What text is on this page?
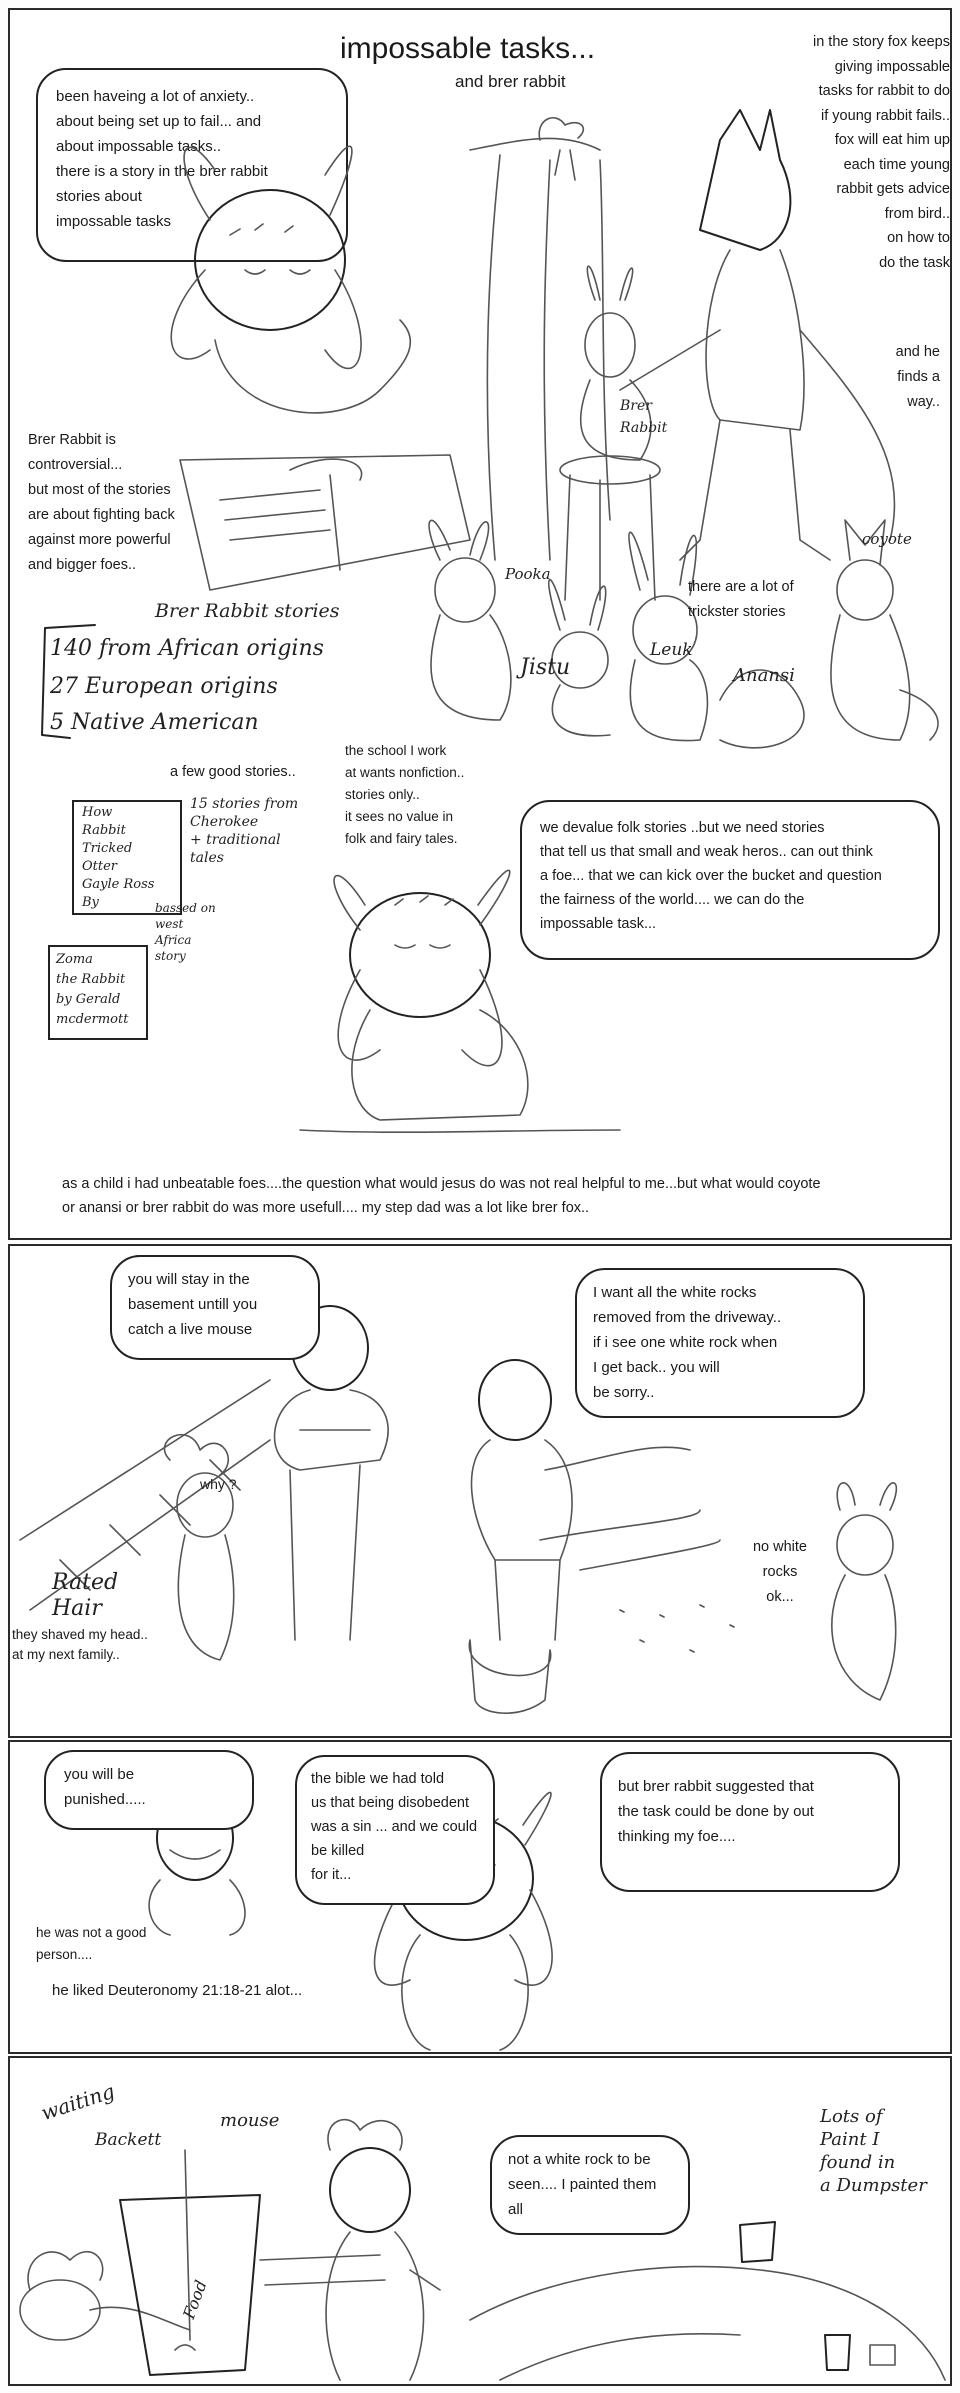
impossable tasks...
and brer rabbit
been haveing a lot of anxiety..
about being set up to fail... and
about impossable tasks..
there is a story in the brer rabbit
stories about
impossable tasks
in the story fox keeps
giving impossable
tasks for rabbit to do
if young rabbit fails..
fox will eat him up
each time young
rabbit gets advice
from bird..
on how to
do the task
and he
finds a
way..
Brer
Rabbit
Brer Rabbit is
controversial...
but most of the stories
are about fighting back
against more powerful
and bigger foes..
Brer Rabbit stories
140 from African origins
27 European origins
5 Native American
Pooka
Leuk
coyote
Jistu	Anansi
there are a lot of
trickster stories
a few good stories..
the school I work
at wants nonfiction..
stories only..
it sees no value in
folk and fairy tales.
How
Rabbit
Tricked
Otter
Gayle Ross
By
15 stories from
Cherokee
+ traditional
tales
Zoma
the Rabbit
by Gerald
mcdermott
bassed on
west
Africa
story
we devalue folk stories ..but we need stories
that tell us that small and weak heros.. can out think
a foe... that we can kick over the bucket and question
the fairness of the world.... we can do the
impossable task...
as a child i had unbeatable foes....the question what would jesus do was not real helpful to me...but what would coyote
or anansi or brer rabbit do was more usefull.... my step dad was a lot like brer fox..
you will stay in the
basement untill you
catch a live mouse
I want all the white rocks
removed from the driveway..
if i see one white rock when
I get back.. you will
be sorry..
why ?
Rated
Hair
they shaved my head..
at my next family..
no white
rocks
ok...
you will be
punished.....
the bible we had told
us that being disobedent
was a sin ... and we could
be killed
for it...
but brer rabbit suggested that
the task could be done by out
thinking my foe....
he was not a good
person....
he liked Deuteronomy 21:18-21 alot...
waiting
Backett
mouse
Food
not a white rock to be
seen.... I painted them
all
Lots of
Paint I
found in
a Dumpster
